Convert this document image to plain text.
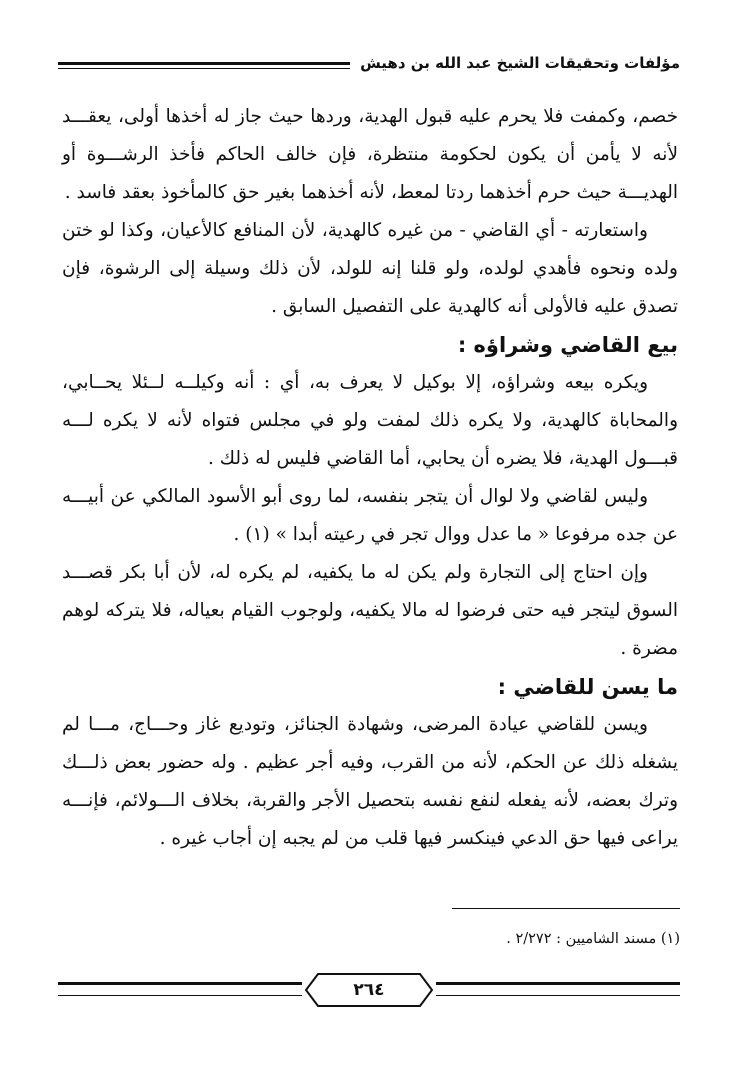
مؤلفات وتحقيقات الشيخ عبد الله بن دهيش

خصم، وكمفت فلا يحرم عليه قبول الهدية، وردها حيث جاز له أخذها أولى، يعقـــد لأنه لا يأمن أن يكون لحكومة منتظرة، فإن خالف الحاكم فأخذ الرشـــوة أو الهديـــة حيث حرم أخذهما ردتا لمعط، لأنه أخذهما بغير حق كالمأخوذ بعقد فاسد .

واستعارته - أي القاضي - من غيره كالهدية، لأن المنافع كالأعيان، وكذا لو ختن ولده ونحوه فأهدي لولده، ولو قلنا إنه للولد، لأن ذلك وسيلة إلى الرشوة، فإن تصدق عليه فالأولى أنه كالهدية على التفصيل السابق .

بيع القاضي وشراؤه :

ويكره بيعه وشراؤه، إلا بوكيل لا يعرف به، أي : أنه وكيلــه لــئلا يحــابي، والمحاباة كالهدية، ولا يكره ذلك لمفت ولو في مجلس فتواه لأنه لا يكره لـــه قبـــول الهدية، فلا يضره أن يحابي، أما القاضي فليس له ذلك .

وليس لقاضي ولا لوال أن يتجر بنفسه، لما روى أبو الأسود المالكي عن أبيـــه عن جده مرفوعا « ما عدل ووال تجر في رعيته أبدا » (١) .

وإن احتاج إلى التجارة ولم يكن له ما يكفيه، لم يكره له، لأن أبا بكر قصـــد السوق ليتجر فيه حتى فرضوا له مالا يكفيه، ولوجوب القيام بعياله، فلا يتركه لوهم مضرة .

ما يسن للقاضي :

ويسن للقاضي عيادة المرضى، وشهادة الجنائز، وتوديع غاز وحـــاج، مـــا لم يشغله ذلك عن الحكم، لأنه من القرب، وفيه أجر عظيم . وله حضور بعض ذلـــك وترك بعضه، لأنه يفعله لنفع نفسه بتحصيل الأجر والقربة، بخلاف الـــولائم، فإنـــه يراعى فيها حق الدعي فينكسر فيها قلب من لم يجبه إن أجاب غيره .

(١) مسند الشاميين : ٢/٢٧٢ .
٢٦٤
